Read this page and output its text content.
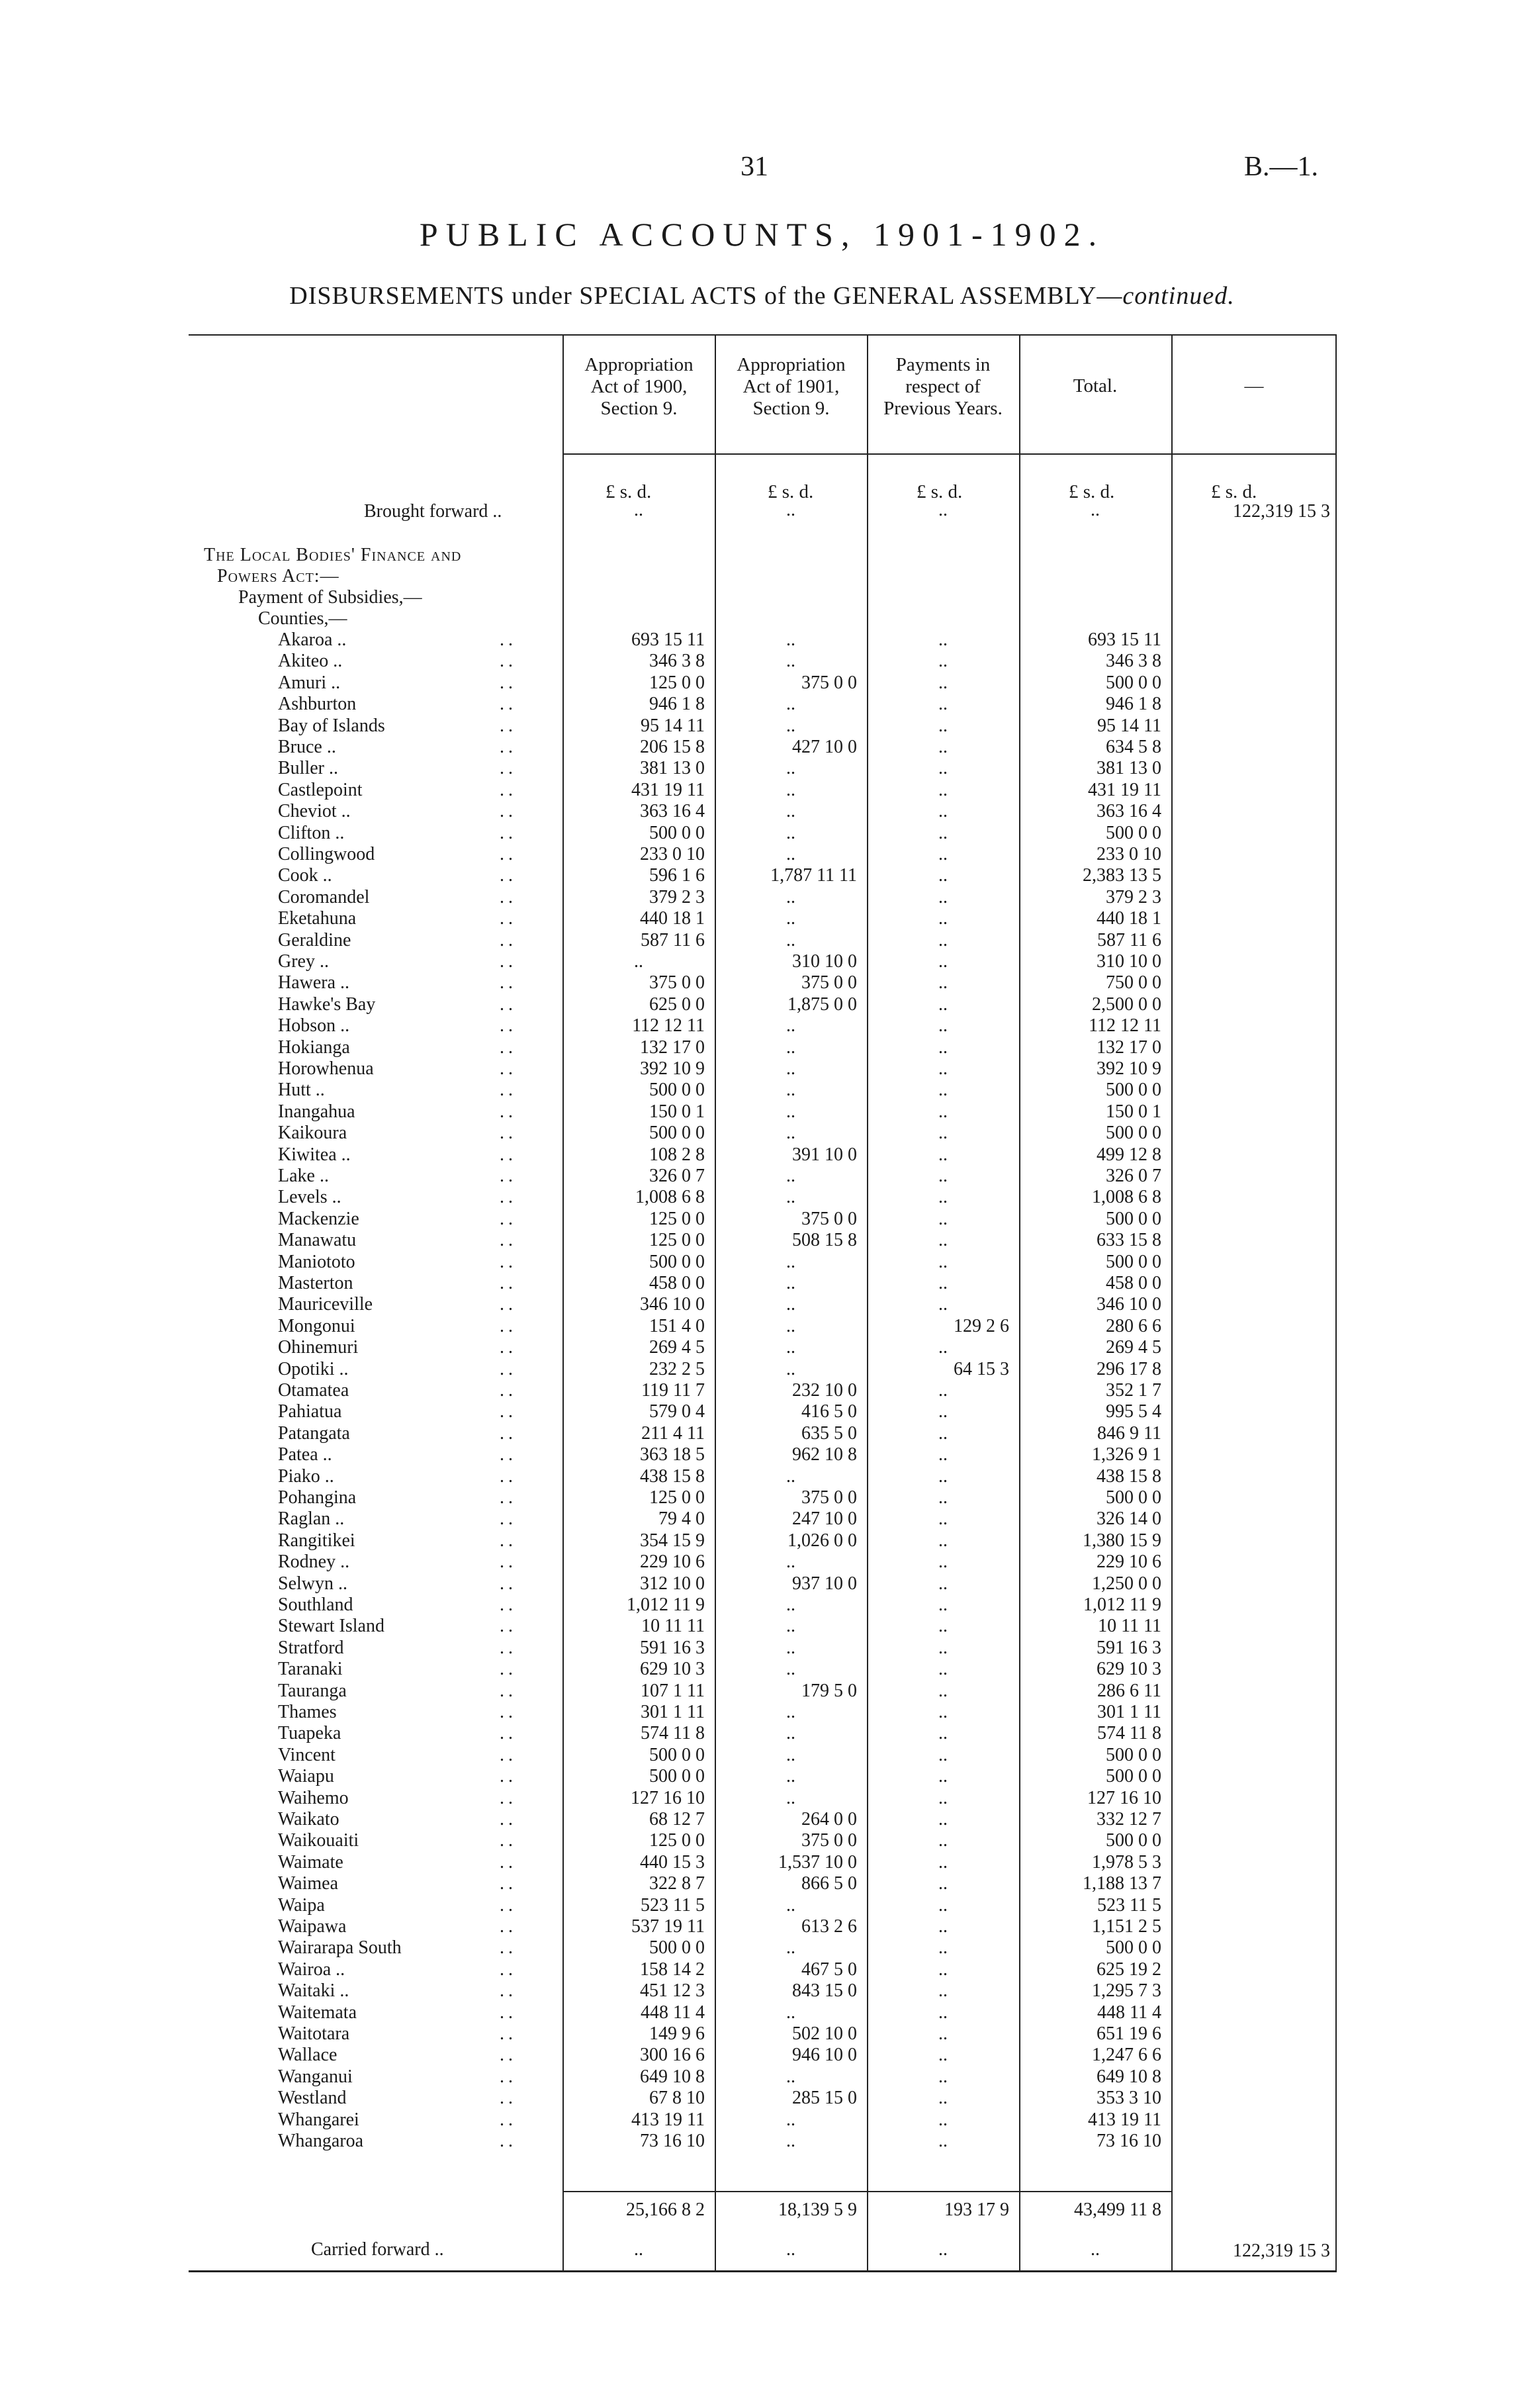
31	B.—1.
PUBLIC ACCOUNTS, 1901-1902.
DISBURSEMENTS under SPECIAL ACTS of the GENERAL ASSEMBLY—continued.
Appropriation Act of 1900, Section 9.
Appropriation Act of 1901, Section 9.
Payments in respect of Previous Years.
Total.	—
£ s. d.	£ s. d.	£ s. d.	£ s. d.	£ s. d.
Brought forward ..	..	..	..	..	122,319 15 3
The Local Bodies' Finance and
Powers Act:—
Payment of Subsidies,—
Counties,—
Akaroa ..	..	693 15 11	..	..	693 15 11
Akiteo ..	..	346 3 8	..	..	346 3 8
Amuri ..	..	125 0 0	375 0 0	..	500 0 0
Ashburton	..	946 1 8	..	..	946 1 8
Bay of Islands	..	95 14 11	..	..	95 14 11
Bruce ..	..	206 15 8	427 10 0	..	634 5 8
Buller ..	..	381 13 0	..	..	381 13 0
Castlepoint	..	431 19 11	..	..	431 19 11
Cheviot ..	..	363 16 4	..	..	363 16 4
Clifton ..	..	500 0 0	..	..	500 0 0
Collingwood	..	233 0 10	..	..	233 0 10
Cook ..	..	596 1 6	1,787 11 11	..	2,383 13 5
Coromandel	..	379 2 3	..	..	379 2 3
Eketahuna	..	440 18 1	..	..	440 18 1
Geraldine	..	587 11 6	..	..	587 11 6
Grey ..	..	..	310 10 0	..	310 10 0
Hawera ..	..	375 0 0	375 0 0	..	750 0 0
Hawke's Bay	..	625 0 0	1,875 0 0	..	2,500 0 0
Hobson ..	..	112 12 11	..	..	112 12 11
Hokianga	..	132 17 0	..	..	132 17 0
Horowhenua	..	392 10 9	..	..	392 10 9
Hutt ..	..	500 0 0	..	..	500 0 0
Inangahua	..	150 0 1	..	..	150 0 1
Kaikoura	..	500 0 0	..	..	500 0 0
Kiwitea ..	..	108 2 8	391 10 0	..	499 12 8
Lake ..	..	326 0 7	..	..	326 0 7
Levels ..	..	1,008 6 8	..	..	1,008 6 8
Mackenzie	..	125 0 0	375 0 0	..	500 0 0
Manawatu	..	125 0 0	508 15 8	..	633 15 8
Maniototo	..	500 0 0	..	..	500 0 0
Masterton	..	458 0 0	..	..	458 0 0
Mauriceville	..	346 10 0	..	..	346 10 0
Mongonui	..	151 4 0	..	129 2 6	280 6 6
Ohinemuri	..	269 4 5	..	..	269 4 5
Opotiki ..	..	232 2 5	..	64 15 3	296 17 8
Otamatea	..	119 11 7	232 10 0	..	352 1 7
Pahiatua	..	579 0 4	416 5 0	..	995 5 4
Patangata	..	211 4 11	635 5 0	..	846 9 11
Patea ..	..	363 18 5	962 10 8	..	1,326 9 1
Piako ..	..	438 15 8	..	..	438 15 8
Pohangina	..	125 0 0	375 0 0	..	500 0 0
Raglan ..	..	79 4 0	247 10 0	..	326 14 0
Rangitikei	..	354 15 9	1,026 0 0	..	1,380 15 9
Rodney ..	..	229 10 6	..	..	229 10 6
Selwyn ..	..	312 10 0	937 10 0	..	1,250 0 0
Southland	..	1,012 11 9	..	..	1,012 11 9
Stewart Island	..	10 11 11	..	..	10 11 11
Stratford	..	591 16 3	..	..	591 16 3
Taranaki	..	629 10 3	..	..	629 10 3
Tauranga	..	107 1 11	179 5 0	..	286 6 11
Thames	..	301 1 11	..	..	301 1 11
Tuapeka	..	574 11 8	..	..	574 11 8
Vincent	..	500 0 0	..	..	500 0 0
Waiapu	..	500 0 0	..	..	500 0 0
Waihemo	..	127 16 10	..	..	127 16 10
Waikato	..	68 12 7	264 0 0	..	332 12 7
Waikouaiti	..	125 0 0	375 0 0	..	500 0 0
Waimate	..	440 15 3	1,537 10 0	..	1,978 5 3
Waimea	..	322 8 7	866 5 0	..	1,188 13 7
Waipa	..	523 11 5	..	..	523 11 5
Waipawa	..	537 19 11	613 2 6	..	1,151 2 5
Wairarapa South	..	500 0 0	..	..	500 0 0
Wairoa ..	..	158 14 2	467 5 0	..	625 19 2
Waitaki ..	..	451 12 3	843 15 0	..	1,295 7 3
Waitemata	..	448 11 4	..	..	448 11 4
Waitotara	..	149 9 6	502 10 0	..	651 19 6
Wallace	..	300 16 6	946 10 0	..	1,247 6 6
Wanganui	..	649 10 8	..	..	649 10 8
Westland	..	67 8 10	285 15 0	..	353 3 10
Whangarei	..	413 19 11	..	..	413 19 11
Whangaroa	..	73 16 10	..	..	73 16 10
25,166 8 2	18,139 5 9	193 17 9	43,499 11 8
Carried forward ..	..	..	..	..	122,319 15 3
